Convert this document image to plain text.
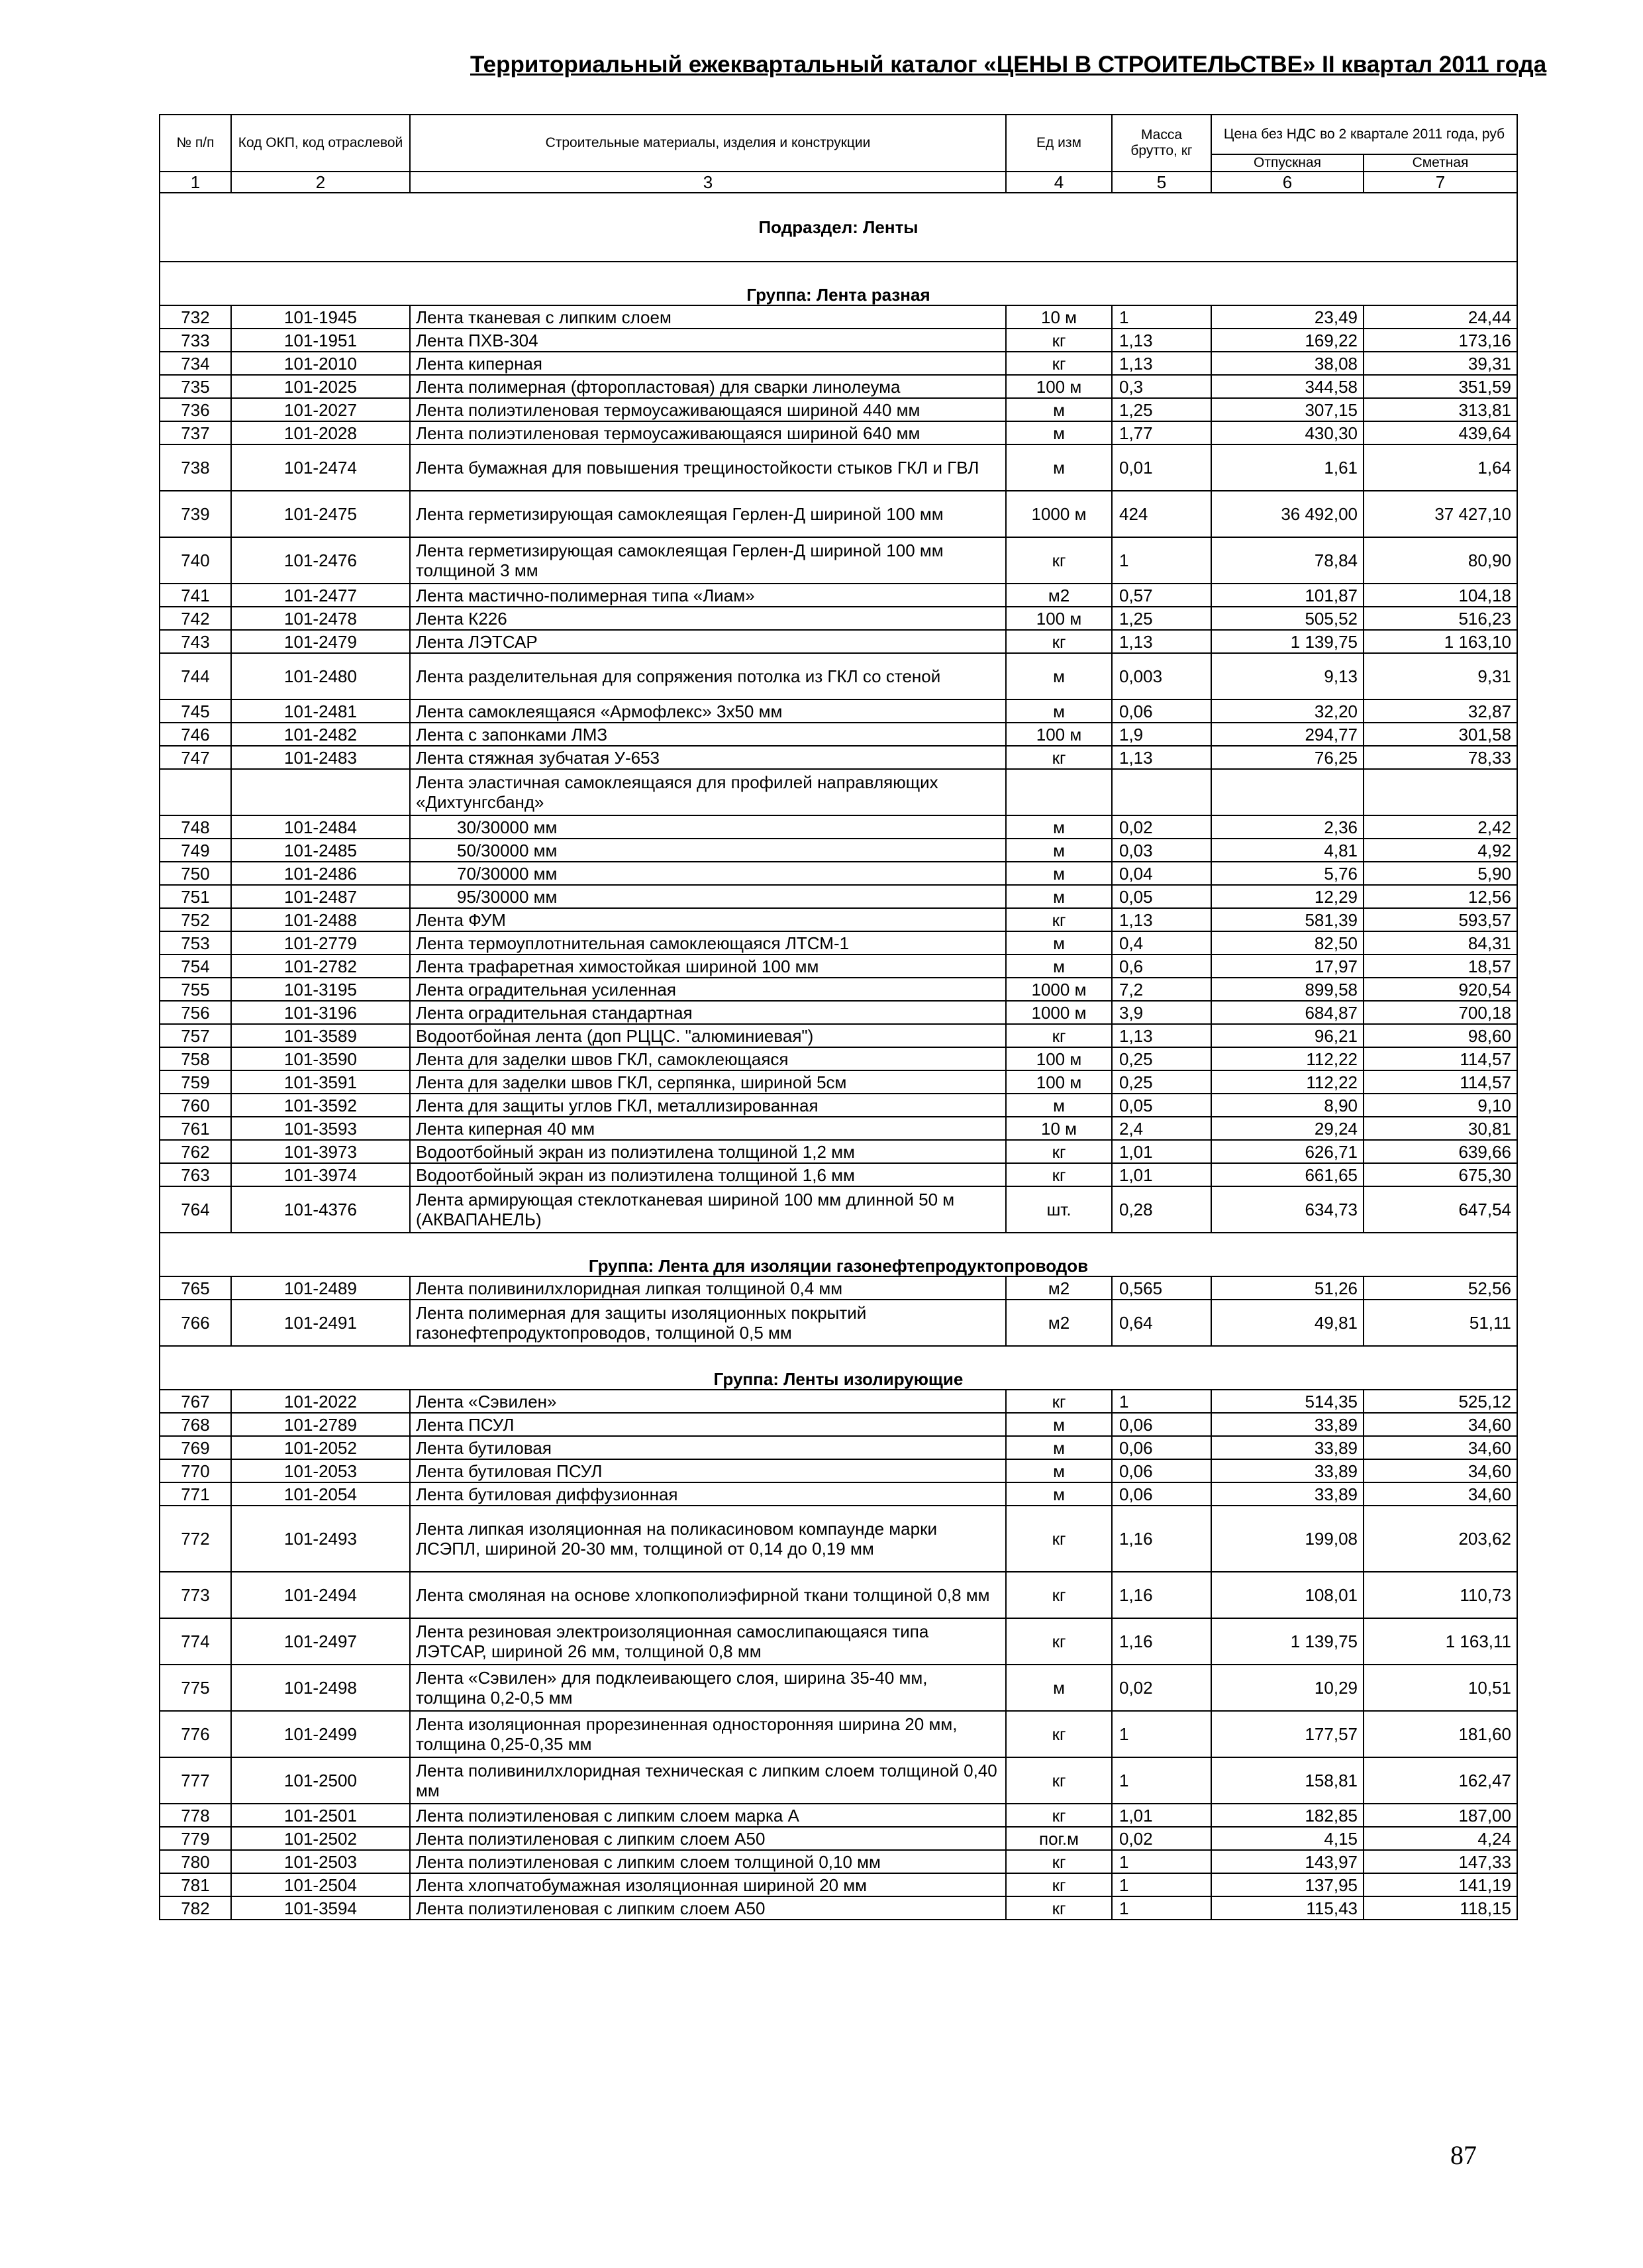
Территориальный ежеквартальный каталог «ЦЕНЫ В СТРОИТЕЛЬСТВЕ» II квартал 2011 года
№ п/п	Код ОКП, код отраслевой	Строительные материалы, изделия и конструкции	Ед изм	Масса брутто, кг	Цена без НДС во 2 квартале 2011 года, руб	
					Отпускная	Сметная
1	2	3	4	5	6	7
Подраздел: Ленты						
Группа: Лента разная						
732	101-1945	Лента тканевая с липким слоем	10 м	1	23,49	24,44
733	101-1951	Лента ПХВ-304	кг	1,13	169,22	173,16
734	101-2010	Лента киперная	кг	1,13	38,08	39,31
735	101-2025	Лента полимерная (фторопластовая) для сварки линолеума	100 м	0,3	344,58	351,59
736	101-2027	Лента полиэтиленовая термоусаживающаяся шириной 440 мм	м	1,25	307,15	313,81
737	101-2028	Лента полиэтиленовая термоусаживающаяся шириной 640 мм	м	1,77	430,30	439,64
738	101-2474	Лента бумажная для повышения трещиностойкости стыков ГКЛ и ГВЛ	м	0,01	1,61	1,64
739	101-2475	Лента герметизирующая самоклеящая Герлен-Д шириной 100 мм	1000 м	424	36 492,00	37 427,10
740	101-2476	Лента герметизирующая самоклеящая Герлен-Д шириной 100 мм толщиной 3 мм	кг	1	78,84	80,90
741	101-2477	Лента мастично-полимерная типа «Лиам»	м2	0,57	101,87	104,18
742	101-2478	Лента К226	100 м	1,25	505,52	516,23
743	101-2479	Лента ЛЭТСАР	кг	1,13	1 139,75	1 163,10
744	101-2480	Лента разделительная для сопряжения потолка из ГКЛ со стеной	м	0,003	9,13	9,31
745	101-2481	Лента самоклеящаяся «Армофлекс» 3х50 мм	м	0,06	32,20	32,87
746	101-2482	Лента с запонками ЛМЗ	100 м	1,9	294,77	301,58
747	101-2483	Лента стяжная зубчатая У-653	кг	1,13	76,25	78,33
		Лента эластичная самоклеящаяся для профилей направляющих «Дихтунгсбанд»				
748	101-2484	30/30000 мм	м	0,02	2,36	2,42
749	101-2485	50/30000 мм	м	0,03	4,81	4,92
750	101-2486	70/30000 мм	м	0,04	5,76	5,90
751	101-2487	95/30000 мм	м	0,05	12,29	12,56
752	101-2488	Лента ФУМ	кг	1,13	581,39	593,57
753	101-2779	Лента термоуплотнительная самоклеющаяся ЛТСМ-1	м	0,4	82,50	84,31
754	101-2782	Лента трафаретная химостойкая шириной 100 мм	м	0,6	17,97	18,57
755	101-3195	Лента оградительная усиленная	1000 м	7,2	899,58	920,54
756	101-3196	Лента оградительная стандартная	1000 м	3,9	684,87	700,18
757	101-3589	Водоотбойная лента (доп РЦЦС. "алюминиевая")	кг	1,13	96,21	98,60
758	101-3590	Лента для заделки швов ГКЛ, самоклеющаяся	100 м	0,25	112,22	114,57
759	101-3591	Лента для заделки швов ГКЛ, серпянка, шириной 5см	100 м	0,25	112,22	114,57
760	101-3592	Лента для защиты углов ГКЛ, металлизированная	м	0,05	8,90	9,10
761	101-3593	Лента киперная 40 мм	10 м	2,4	29,24	30,81
762	101-3973	Водоотбойный экран из полиэтилена толщиной 1,2 мм	кг	1,01	626,71	639,66
763	101-3974	Водоотбойный экран из полиэтилена толщиной 1,6 мм	кг	1,01	661,65	675,30
764	101-4376	Лента армирующая стеклотканевая шириной 100 мм длинной 50 м (АКВАПАНЕЛЬ)	шт.	0,28	634,73	647,54
Группа: Лента для изоляции газонефтепродуктопроводов						
765	101-2489	Лента поливинилхлоридная липкая толщиной 0,4 мм	м2	0,565	51,26	52,56
766	101-2491	Лента полимерная для защиты изоляционных покрытий газонефтепродуктопроводов, толщиной 0,5 мм	м2	0,64	49,81	51,11
Группа: Ленты изолирующие						
767	101-2022	Лента «Сэвилен»	кг	1	514,35	525,12
768	101-2789	Лента ПСУЛ	м	0,06	33,89	34,60
769	101-2052	Лента бутиловая	м	0,06	33,89	34,60
770	101-2053	Лента бутиловая ПСУЛ	м	0,06	33,89	34,60
771	101-2054	Лента бутиловая диффузионная	м	0,06	33,89	34,60
772	101-2493	Лента липкая изоляционная на поликасиновом компаунде марки ЛСЭПЛ, шириной 20-30 мм, толщиной от 0,14 до 0,19 мм	кг	1,16	199,08	203,62
773	101-2494	Лента смоляная на основе хлопкополиэфирной ткани толщиной 0,8 мм	кг	1,16	108,01	110,73
774	101-2497	Лента резиновая электроизоляционная самослипающаяся типа ЛЭТСАР, шириной 26 мм, толщиной 0,8 мм	кг	1,16	1 139,75	1 163,11
775	101-2498	Лента «Сэвилен» для подклеивающего слоя, ширина 35-40 мм, толщина 0,2-0,5 мм	м	0,02	10,29	10,51
776	101-2499	Лента изоляционная прорезиненная односторонняя ширина 20 мм, толщина 0,25-0,35 мм	кг	1	177,57	181,60
777	101-2500	Лента поливинилхлоридная техническая с липким слоем толщиной 0,40 мм	кг	1	158,81	162,47
778	101-2501	Лента полиэтиленовая с липким слоем марка А	кг	1,01	182,85	187,00
779	101-2502	Лента полиэтиленовая с липким слоем А50	пог.м	0,02	4,15	4,24
780	101-2503	Лента полиэтиленовая с липким слоем толщиной 0,10 мм	кг	1	143,97	147,33
781	101-2504	Лента хлопчатобумажная изоляционная шириной 20 мм	кг	1	137,95	141,19
782	101-3594	Лента полиэтиленовая с липким слоем А50	кг	1	115,43	118,15
87
